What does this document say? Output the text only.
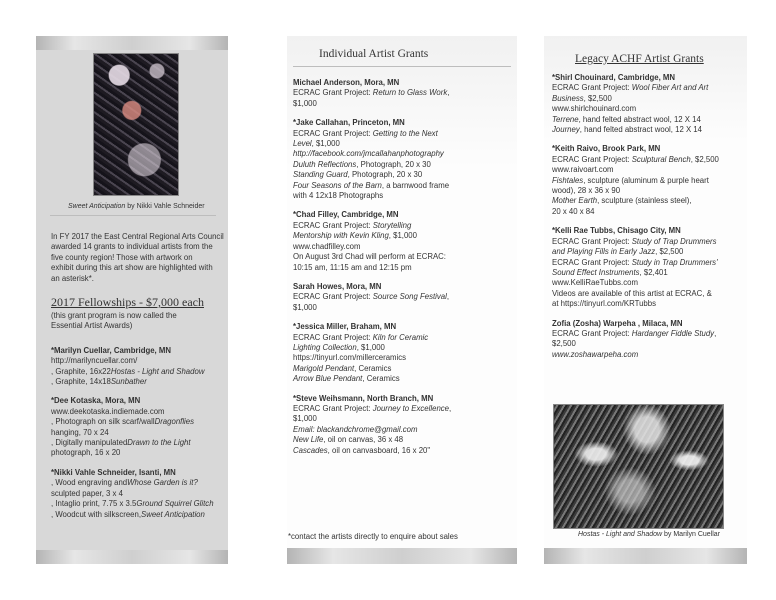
Sweet Anticipation by Nikki Vahle Schneider
In FY 2017 the East Central Regional Arts Council
awarded 14 grants to individual artists from the
five county region! Those with artwork on
exhibit during this art show are highlighted with
an asterisk*.
2017 Fellowships - $7,000 each

(this grant program is now called the
Essential Artist Awards)

*Marilyn Cuellar, Cambridge, MN
http://marilyncuellar.com/
, Graphite, 16x22Hostas - Light and Shadow
, Graphite, 14x18Sunbather

*Dee Kotaska, Mora, MN
www.deekotaska.indiemade.com
, Photograph on silk scarf/wallDragonflies
hanging, 70 x 24
, Digitally manipulatedDrawn to the Light
photograph, 16 x 20

*Nikki Vahle Schneider, Isanti, MN
, Wood engraving andWhose Garden is it?
sculpted paper, 3 x 4
, Intaglio print, 7.75 x 3.5Ground Squirrel Glitch
, Woodcut with silkscreen,Sweet Anticipation

Individual Artist Grants

Michael Anderson, Mora, MN
ECRAC Grant Project: Return to Glass Work,
$1,000

*Jake Callahan, Princeton, MN
ECRAC Grant Project: Getting to the Next
Level, $1,000
http://facebook.com/jmcallahanphotography
Duluth Reflections, Photograph, 20 x 30
Standing Guard, Photograph, 20 x 30
Four Seasons of the Barn, a barnwood frame
with 4 12x18 Photographs

*Chad Filley, Cambridge, MN
ECRAC Grant Project: Storytelling
Mentorship with Kevin Kling, $1,000
www.chadfilley.com
On August 3rd Chad will perform at ECRAC:
10:15 am, 11:15 am and 12:15 pm

Sarah Howes, Mora, MN
ECRAC Grant Project: Source Song Festival,
$1,000

*Jessica Miller, Braham, MN
ECRAC Grant Project: Kiln for Ceramic
Lighting Collection, $1,000
https://tinyurl.com/millerceramics
Marigold Pendant, Ceramics
Arrow Blue Pendant, Ceramics

*Steve Weihsmann, North Branch, MN
ECRAC Grant Project: Journey to Excellence,
$1,000
Email: blackandchrome@gmail.com
New Life, oil on canvas, 36 x 48
Cascades, oil on canvasboard, 16 x 20"

*contact the artists directly to enquire about sales
Legacy ACHF Artist Grants

*Shirl Chouinard, Cambridge, MN
ECRAC Grant Project: Wool Fiber Art and Art
Business, $2,500
www.shirlchouinard.com
Terrene, hand felted abstract wool, 12 X 14
Journey, hand felted abstract wool, 12 X 14

*Keith Raivo, Brook Park, MN
ECRAC Grant Project: Sculptural Bench, $2,500
www.raivoart.com
Fishtales, sculpture (aluminum & purple heart
wood), 28 x 36 x 90
Mother Earth, sculpture (stainless steel),
20 x 40 x 84

*Kelli Rae Tubbs, Chisago City, MN
ECRAC Grant Project: Study of Trap Drummers
and Playing Fills in Early Jazz, $2,500
ECRAC Grant Project: Study in Trap Drummers'
Sound Effect Instruments, $2,401
www.KelliRaeTubbs.com
Videos are available of this artist at ECRAC, &
at https://tinyurl.com/KRTubbs

Zofia (Zosha) Warpeha , Milaca, MN
ECRAC Grant Project: Hardanger Fiddle Study,
$2,500
www.zoshawarpeha.com

Hostas - Light and Shadow by Marilyn Cuellar
